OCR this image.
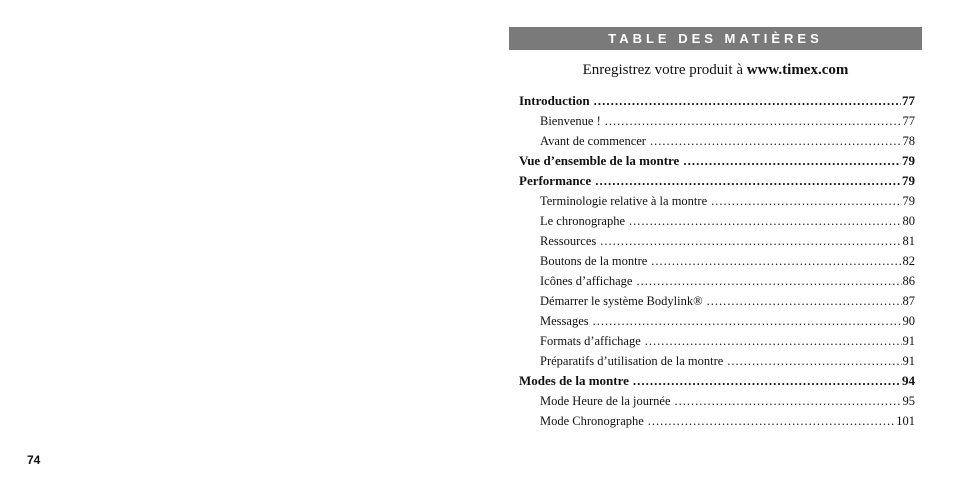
74
TABLE DES MATIÈRES
Enregistrez votre produit à www.timex.com
Introduction .....	77
Bienvenue ! .....	77
Avant de commencer .....	78
Vue d’ensemble de la montre .....	79
Performance .....	79
Terminologie relative à la montre .....	79
Le chronographe .....	80
Ressources .....	81
Boutons de la montre .....	82
Icônes d’affichage .....	86
Démarrer le système Bodylink® .....	87
Messages .....	90
Formats d’affichage .....	91
Préparatifs d’utilisation de la montre .....	91
Modes de la montre .....	94
Mode Heure de la journée .....	95
Mode Chronographe .....	101
